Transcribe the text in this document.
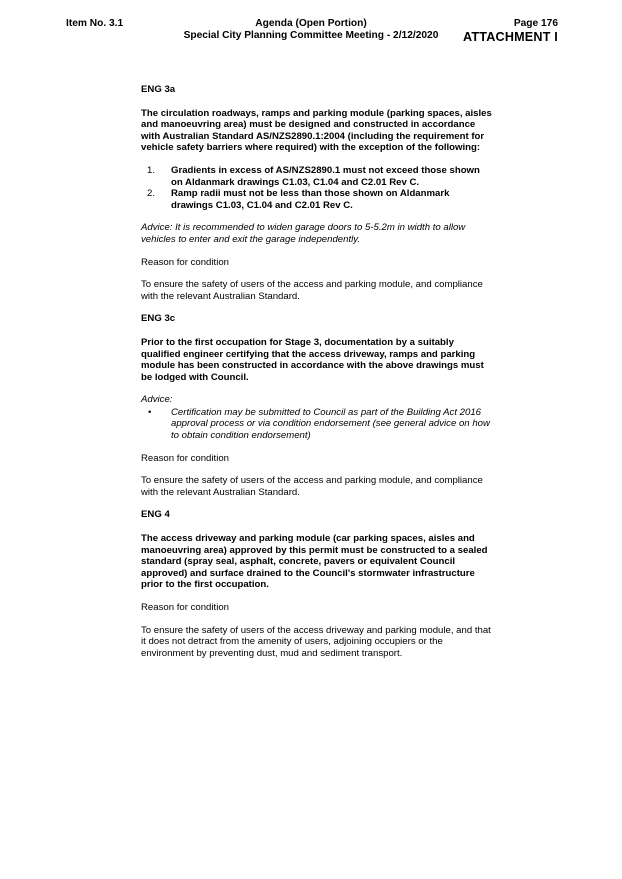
Item No. 3.1	Agenda (Open Portion)
Special City Planning Committee Meeting - 2/12/2020
Page 176
ATTACHMENT I
ENG 3a

The circulation roadways, ramps and parking module (parking spaces, aisles and manoeuvring area) must be designed and constructed in accordance with Australian Standard AS/NZS2890.1:2004 (including the requirement for vehicle safety barriers where required) with the exception of the following:

1. Gradients in excess of AS/NZS2890.1 must not exceed those shown on Aldanmark drawings C1.03, C1.04 and C2.01 Rev C.
2. Ramp radii must not be less than those shown on Aldanmark drawings C1.03, C1.04 and C2.01 Rev C.

Advice: It is recommended to widen garage doors to 5-5.2m in width to allow vehicles to enter and exit the garage independently.

Reason for condition

To ensure the safety of users of the access and parking module, and compliance with the relevant Australian Standard.

ENG 3c

Prior to the first occupation for Stage 3, documentation by a suitably qualified engineer certifying that the access driveway, ramps and parking module has been constructed in accordance with the above drawings must be lodged with Council.

Advice:
• Certification may be submitted to Council as part of the Building Act 2016 approval process or via condition endorsement (see general advice on how to obtain condition endorsement)

Reason for condition

To ensure the safety of users of the access and parking module, and compliance with the relevant Australian Standard.

ENG 4

The access driveway and parking module (car parking spaces, aisles and manoeuvring area) approved by this permit must be constructed to a sealed standard (spray seal, asphalt, concrete, pavers or equivalent Council approved) and surface drained to the Council's stormwater infrastructure prior to the first occupation.

Reason for condition

To ensure the safety of users of the access driveway and parking module, and that it does not detract from the amenity of users, adjoining occupiers or the environment by preventing dust, mud and sediment transport.
